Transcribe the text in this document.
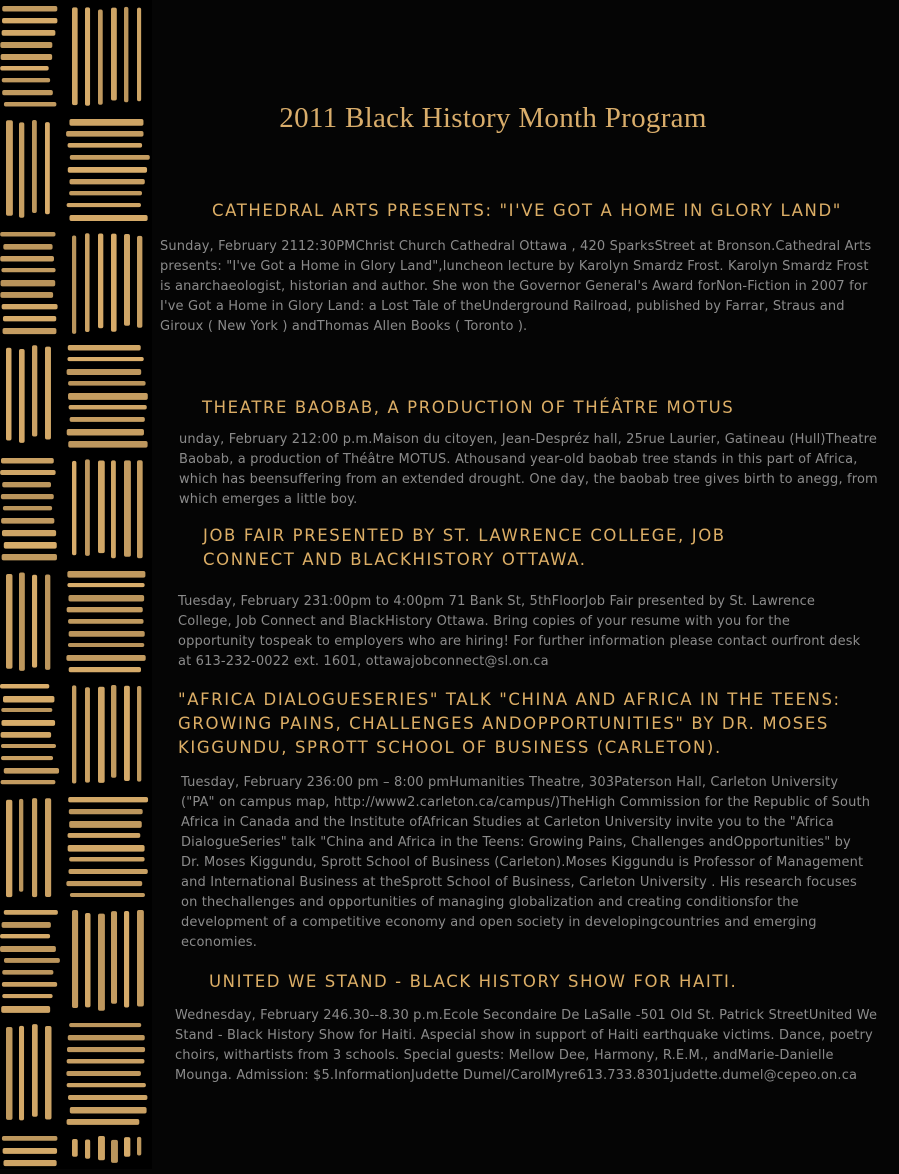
2011 Black History Month Program
CATHEDRAL ARTS PRESENTS: "I'VE GOT A HOME IN GLORY LAND"
Sunday, February 2112:30PMChrist Church Cathedral Ottawa , 420 SparksStreet at Bronson.Cathedral Arts presents: "I've Got a Home in Glory Land",luncheon lecture by Karolyn Smardz Frost. Karolyn Smardz Frost is anarchaeologist, historian and author. She won the Governor General's Award forNon-Fiction in 2007 for I've Got a Home in Glory Land: a Lost Tale of theUnderground Railroad, published by Farrar, Straus and Giroux ( New York ) andThomas Allen Books ( Toronto ).
THEATRE BAOBAB, A PRODUCTION OF THÉÂTRE MOTUS
unday, February 212:00 p.m.Maison du citoyen, Jean-Despréz hall, 25rue Laurier, Gatineau (Hull)Theatre Baobab, a production of Théâtre MOTUS. Athousand year-old baobab tree stands in this part of Africa, which has beensuffering from an extended drought. One day, the baobab tree gives birth to anegg, from which emerges a little boy.
JOB FAIR PRESENTED BY ST. LAWRENCE COLLEGE, JOB
CONNECT AND BLACKHISTORY OTTAWA.
Tuesday, February 231:00pm to 4:00pm 71 Bank St, 5thFloorJob Fair presented by St. Lawrence College, Job Connect and BlackHistory Ottawa. Bring copies of your resume with you for the opportunity tospeak to employers who are hiring! For further information please contact ourfront desk at 613-232-0022 ext. 1601, ottawajobconnect@sl.on.ca
"AFRICA DIALOGUESERIES" TALK "CHINA AND AFRICA IN THE TEENS:
GROWING PAINS, CHALLENGES ANDOPPORTUNITIES" BY DR. MOSES
KIGGUNDU, SPROTT SCHOOL OF BUSINESS (CARLETON).
Tuesday, February 236:00 pm – 8:00 pmHumanities Theatre, 303Paterson Hall, Carleton University ("PA" on campus map, http://www2.carleton.ca/campus/)TheHigh Commission for the Republic of South Africa in Canada and the Institute ofAfrican Studies at Carleton University invite you to the "Africa DialogueSeries" talk "China and Africa in the Teens: Growing Pains, Challenges andOpportunities" by Dr. Moses Kiggundu, Sprott School of Business (Carleton).Moses Kiggundu is Professor of Management and International Business at theSprott School of Business, Carleton University . His research focuses on thechallenges and opportunities of managing globalization and creating conditionsfor the development of a competitive economy and open society in developingcountries and emerging economies.
UNITED WE STAND - BLACK HISTORY SHOW FOR HAITI.
Wednesday, February 246.30--8.30 p.m.Ecole Secondaire De LaSalle -501 Old St. Patrick StreetUnited We Stand - Black History Show for Haiti. Aspecial show in support of Haiti earthquake victims. Dance, poetry choirs, withartists from 3 schools. Special guests: Mellow Dee, Harmony, R.E.M., andMarie-Danielle Mounga. Admission: $5.InformationJudette Dumel/CarolMyre613.733.8301judette.dumel@cepeo.on.ca
